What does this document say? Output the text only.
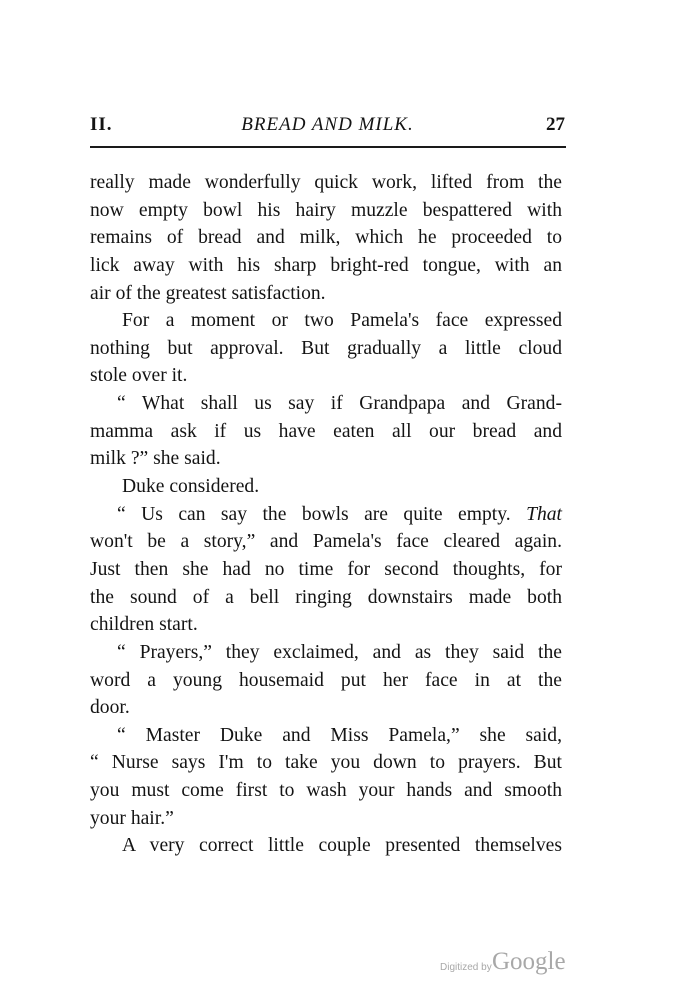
II.	BREAD AND MILK.	27
really made wonderfully quick work, lifted from the
now empty bowl his hairy muzzle bespattered with
remains of bread and milk, which he proceeded to
lick away with his sharp bright-red tongue, with an
air of the greatest satisfaction.
For a moment or two Pamela's face expressed
nothing but approval. But gradually a little cloud
stole over it.
“ What shall us say if Grandpapa and Grand-
mamma ask if us have eaten all our bread and
milk ?” she said.
Duke considered.
“ Us can say the bowls are quite empty. That
won't be a story,” and Pamela's face cleared again.
Just then she had no time for second thoughts, for
the sound of a bell ringing downstairs made both
children start.
“ Prayers,” they exclaimed, and as they said the
word a young housemaid put her face in at the
door.
“ Master Duke and Miss Pamela,” she said,
“ Nurse says I'm to take you down to prayers. But
you must come first to wash your hands and smooth
your hair.”
A very correct little couple presented themselves
Digitized by Google
